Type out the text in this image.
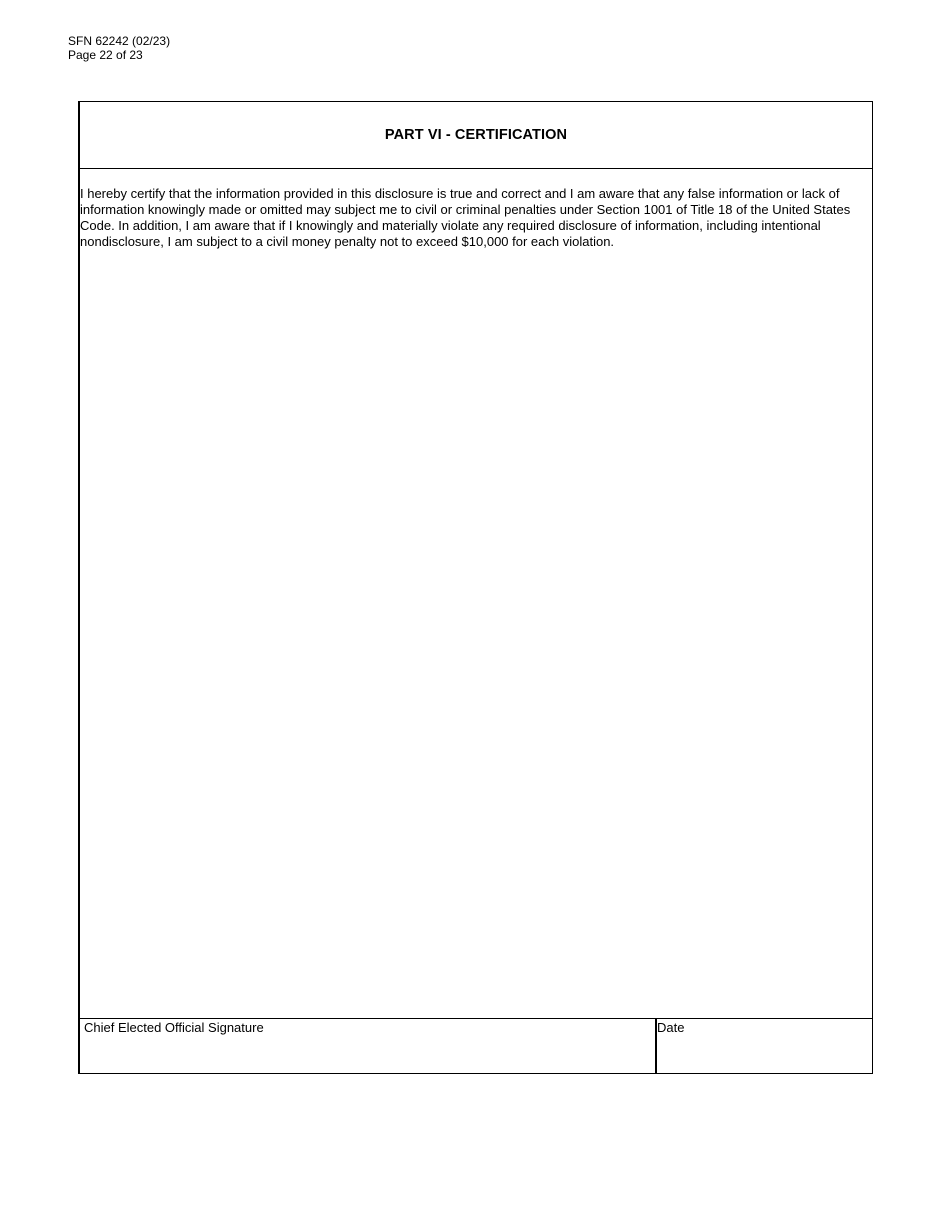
SFN 62242 (02/23)
Page 22 of 23
PART VI - CERTIFICATION

I hereby certify that the information provided in this disclosure is true and correct and I am aware that any false information or lack of information knowingly made or omitted may subject me to civil or criminal penalties under Section 1001 of Title 18 of the United States Code. In addition, I am aware that if I knowingly and materially violate any required disclosure of information, including intentional nondisclosure, I am subject to a civil money penalty not to exceed $10,000 for each violation.

Chief Elected Official Signature	Date
